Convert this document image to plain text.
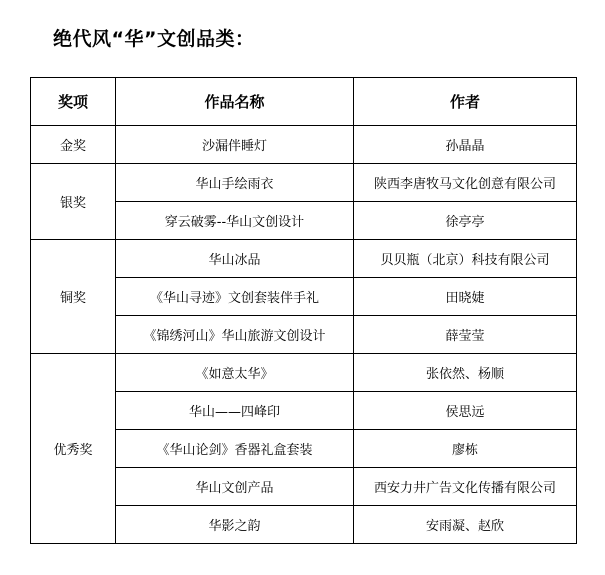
绝代风“华”文创品类：
奖项	作品名称	作者
金奖	沙漏伴睡灯	孙晶晶
银奖	华山手绘雨衣	陕西李唐牧马文化创意有限公司
	穿云破雾--华山文创设计	徐亭亭
铜奖	华山冰品	贝贝瓶（北京）科技有限公司
	《华山寻迹》文创套装伴手礼	田晓婕
	《锦绣河山》华山旅游文创设计	薛莹莹
优秀奖	《如意太华》	张依然、杨顺
	华山——四峰印	侯思远
	《华山论剑》香器礼盒套装	廖栋
	华山文创产品	西安力井广告文化传播有限公司
	华影之韵	安雨凝、赵欣
